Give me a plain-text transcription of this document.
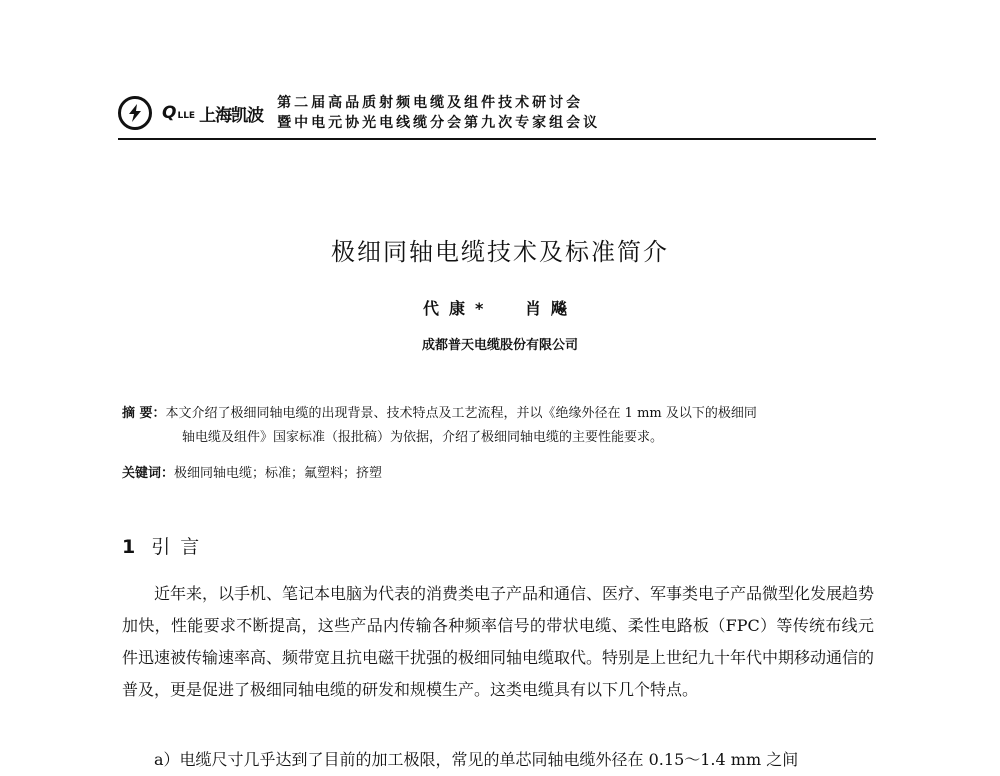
Q LLE 上海凯波
第二届高品质射频电缆及组件技术研讨会
暨中电元协光电线缆分会第九次专家组会议
极细同轴电缆技术及标准简介
代康* 肖飚
成都普天电缆股份有限公司
摘 要：本文介绍了极细同轴电缆的出现背景、技术特点及工艺流程，并以《绝缘外径在 1 mm 及以下的极细同
轴电缆及组件》国家标准（报批稿）为依据，介绍了极细同轴电缆的主要性能要求。
关键词：极细同轴电缆；标准；氟塑料；挤塑
1 引言

近年来，以手机、笔记本电脑为代表的消费类电子产品和通信、医疗、军事类电子产品微型化发展趋势加快，性能要求不断提高，这些产品内传输各种频率信号的带状电缆、柔性电路板（FPC）等传统布线元件迅速被传输速率高、频带宽且抗电磁干扰强的极细同轴电缆取代。特别是上世纪九十年代中期移动通信的普及，更是促进了极细同轴电缆的研发和规模生产。这类电缆具有以下几个特点。

a）电缆尺寸几乎达到了目前的加工极限，常见的单芯同轴电缆外径在 0.15～1.4 mm 之间
